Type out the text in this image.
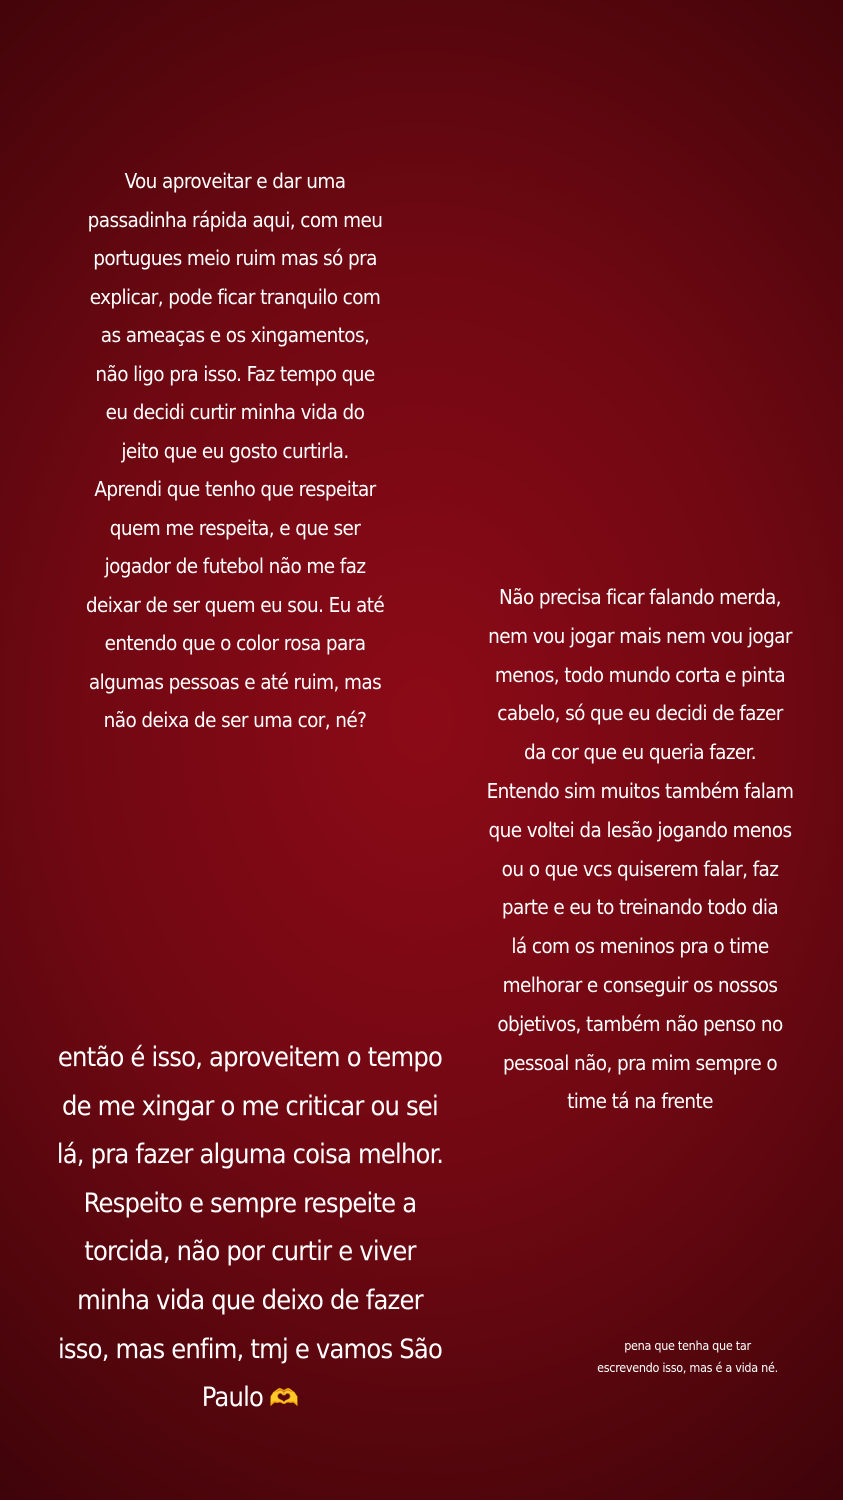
Vou aproveitar e dar uma
passadinha rápida aqui, com meu
portugues meio ruim mas só pra
explicar, pode ficar tranquilo com
as ameaças e os xingamentos,
não ligo pra isso. Faz tempo que
eu decidi curtir minha vida do
jeito que eu gosto curtirla.
Aprendi que tenho que respeitar
quem me respeita, e que ser
jogador de futebol não me faz
deixar de ser quem eu sou. Eu até
entendo que o color rosa para
algumas pessoas e até ruim, mas
não deixa de ser uma cor, né?

Não precisa ficar falando merda,
nem vou jogar mais nem vou jogar
menos, todo mundo corta e pinta
cabelo, só que eu decidi de fazer
da cor que eu queria fazer.
Entendo sim muitos também falam
que voltei da lesão jogando menos
ou o que vcs quiserem falar, faz
parte e eu to treinando todo dia
lá com os meninos pra o time
melhorar e conseguir os nossos
objetivos, também não penso no
pessoal não, pra mim sempre o
time tá na frente

então é isso, aproveitem o tempo
de me xingar o me criticar ou sei
lá, pra fazer alguma coisa melhor.
Respeito e sempre respeite a
torcida, não por curtir e viver
minha vida que deixo de fazer
isso, mas enfim, tmj e vamos São
Paulo 🫶

pena que tenha que tar
escrevendo isso, mas é a vida né.
